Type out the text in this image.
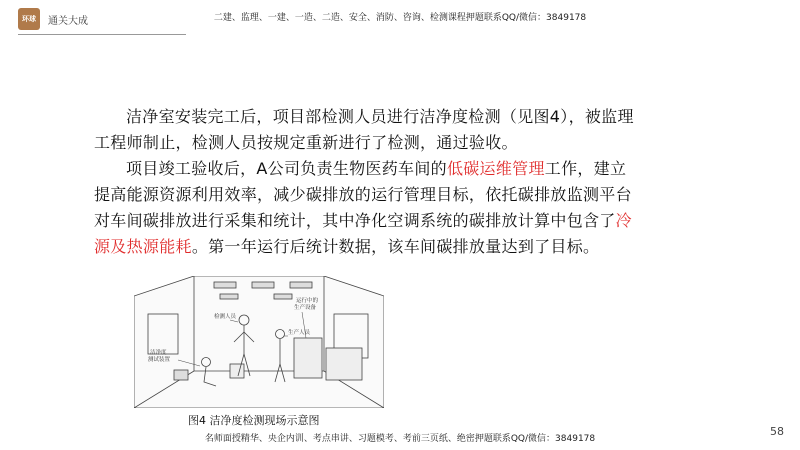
环球	通关大成	二建、监理、一建、一造、二造、安全、消防、咨询、检测课程押题联系QQ/微信：3849178

洁净室安装完工后，项目部检测人员进行洁净度检测（见图4），被监理工程师制止，检测人员按规定重新进行了检测，通过验收。

项目竣工验收后，A公司负责生物医药车间的低碳运维管理工作，建立提高能源资源利用效率，减少碳排放的运行管理目标，依托碳排放监测平台对车间碳排放进行采集和统计，其中净化空调系统的碳排放计算中包含了冷源及热源能耗。第一年运行后统计数据，该车间碳排放量达到了目标。

检测人员
运行中的
生产设备
生产人员
洁净度
测试装置
图4 洁净度检测现场示意图
名师面授精华、央企内训、考点串讲、习题模考、考前三页纸、绝密押题联系QQ/微信：3849178
58
